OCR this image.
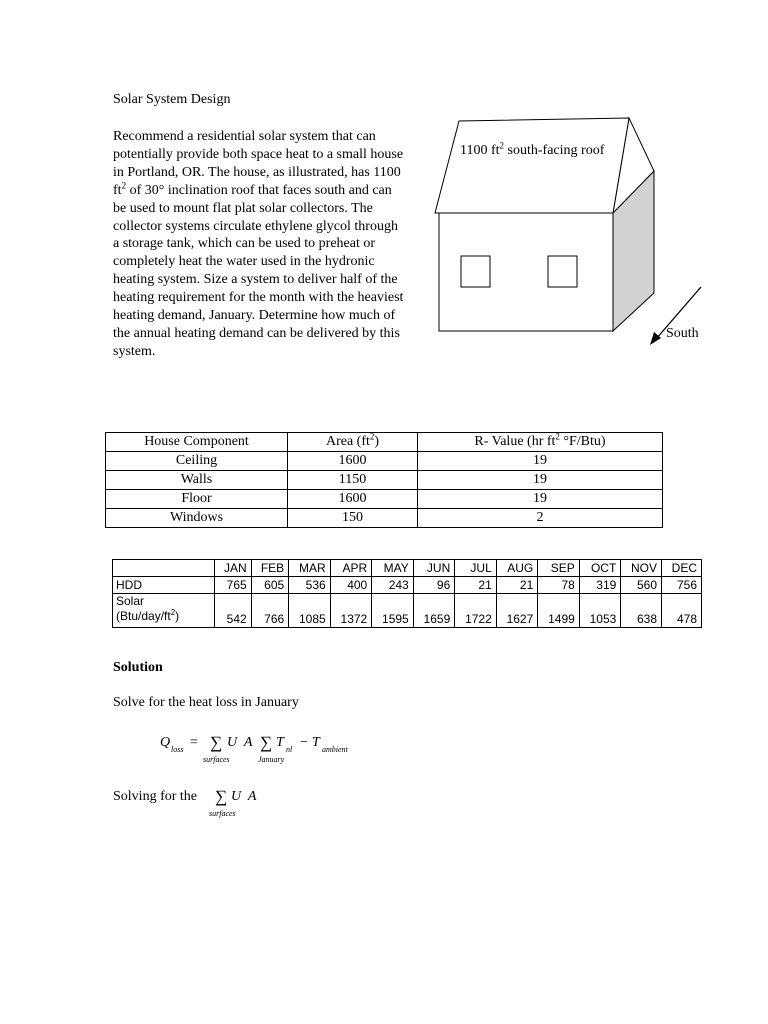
Solar System Design
Recommend a residential solar system that can potentially provide both space heat to a small house in Portland, OR. The house, as illustrated, has 1100 $ft^2$ of 30° inclination roof that faces south and can be used to mount flat plat solar collectors. The collector systems circulate ethylene glycol through a storage tank, which can be used to preheat or completely heat the water used in the hydronic heating system. Size a system to deliver half of the heating requirement for the month with the heaviest heating demand, January. Determine how much of the annual heating demand can be delivered by this system.
1100 $ft^2$ south-facing roof
South
House Component	Area $(ft^2)$	R- Value (hr $ft^2$ °F/Btu)
Ceiling	1600	19
Walls	1150	19
Floor	1600	19
Windows	150	2
	JAN	FEB	MAR	APR	MAY	JUN	JUL	AUG	SEP	OCT	NOV	DEC
HDD	765	605	536	400	243	96	21	21	78	319	560	756
Solar
$(Btu/day/ft^2)$	542	766	1085	1372	1595	1659	1722	1627	1499	1053	638	478
Solution
Solve for the heat loss in January
Q loss = ∑ U  A
surfaces
∑ T nl − T ambient
January
Solving for the ∑ U  A
surfaces
